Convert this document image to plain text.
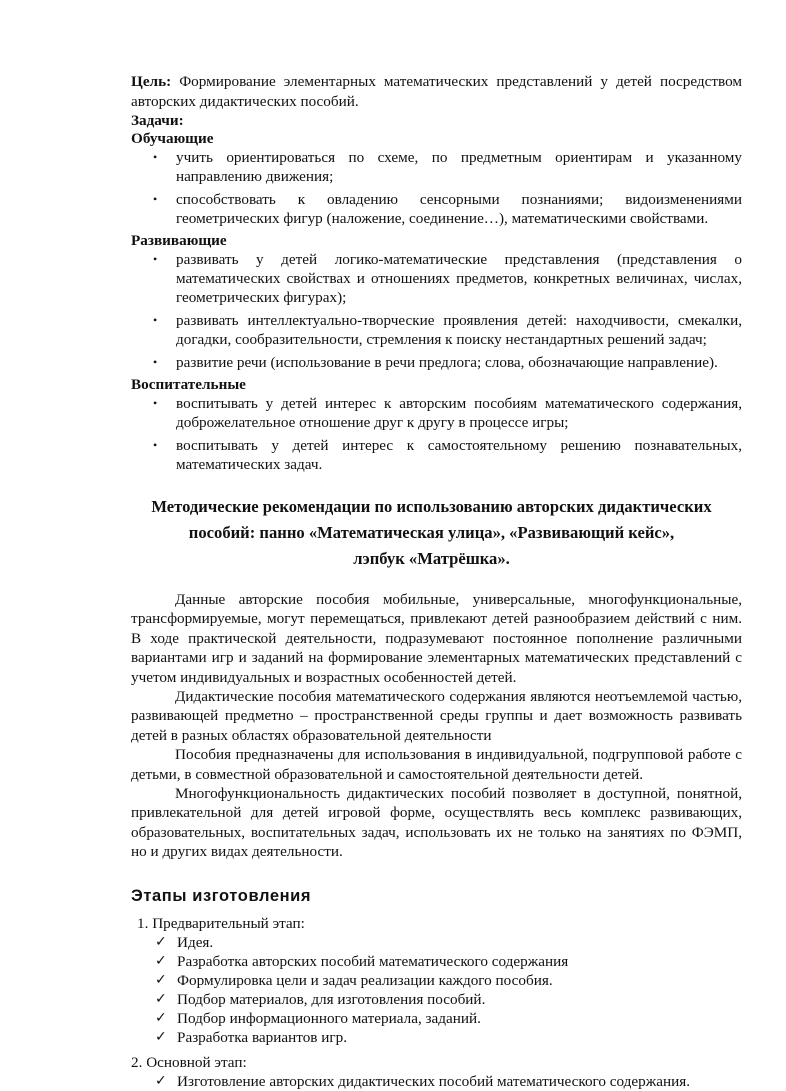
Цель: Формирование элементарных математических представлений у детей посредством авторских дидактических пособий.

Задачи:

Обучающие

• учить ориентироваться по схеме, по предметным ориентирам и указанному направлению движения;
• способствовать к овладению сенсорными познаниями; видоизменениями геометрических фигур (наложение, соединение…), математическими свойствами.

Развивающие

• развивать у детей логико-математические представления (представления о математических свойствах и отношениях предметов, конкретных величинах, числах, геометрических фигурах);
• развивать интеллектуально-творческие проявления детей: находчивости, смекалки, догадки, сообразительности, стремления к поиску нестандартных решений задач;
• развитие речи (использование в речи предлога; слова, обозначающие направление).

Воспитательные

• воспитывать у детей интерес к авторским пособиям математического содержания, доброжелательное отношение друг к другу в процессе игры;
• воспитывать у детей интерес к самостоятельному решению познавательных, математических задач.
Методические рекомендации по использованию авторских дидактических
пособий: панно «Математическая улица», «Развивающий кейс»,
лэпбук «Матрёшка».

Данные авторские пособия мобильные, универсальные, многофункциональные, трансформируемые, могут перемещаться, привлекают детей разнообразием действий с ним. В ходе практической деятельности, подразумевают постоянное пополнение различными вариантами игр и заданий на формирование элементарных математических представлений с учетом индивидуальных и возрастных особенностей детей.

Дидактические пособия математического содержания являются неотъемлемой частью, развивающей предметно – пространственной среды группы и дает возможность развивать детей в разных областях образовательной деятельности

Пособия предназначены для использования в индивидуальной, подгрупповой работе с детьми, в совместной образовательной и самостоятельной деятельности детей.

Многофункциональность дидактических пособий позволяет в доступной, понятной, привлекательной для детей игровой форме, осуществлять весь комплекс развивающих, образовательных, воспитательных задач, использовать их не только на занятиях по ФЭМП, но и других видах деятельности.

Этапы изготовления

1. Предварительный этап:

✓ Идея.
✓ Разработка авторских пособий математического содержания
✓ Формулировка цели и задач реализации каждого пособия.
✓ Подбор материалов, для изготовления пособий.
✓ Подбор информационного материала, заданий.
✓ Разработка вариантов игр.

2. Основной этап:

✓ Изготовление авторских дидактических пособий математического содержания.
